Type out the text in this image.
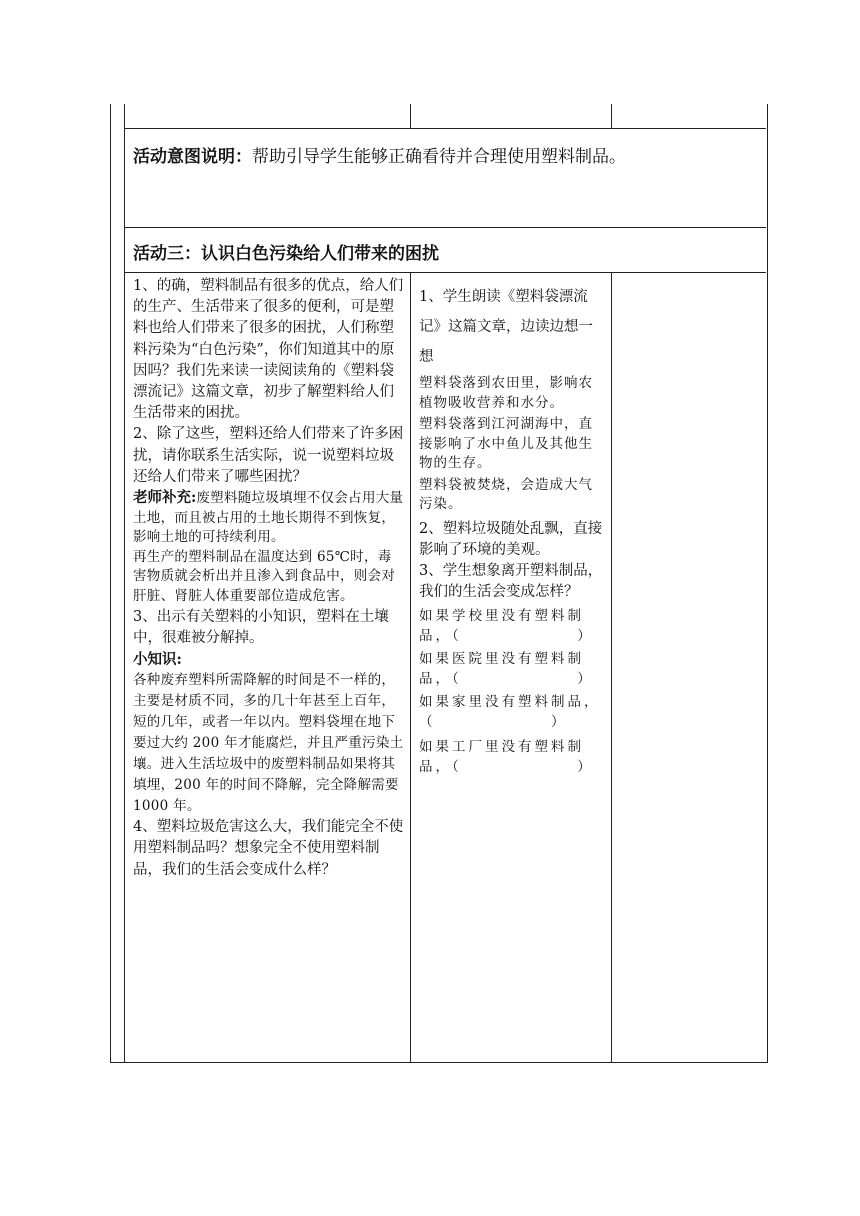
活动意图说明：帮助引导学生能够正确看待并合理使用塑料制品。
活动三：认识白色污染给人们带来的困扰

1、的确，塑料制品有很多的优点，给人们的生产、生活带来了很多的便利，可是塑料也给人们带来了很多的困扰，人们称塑料污染为“白色污染”，你们知道其中的原因吗？我们先来读一读阅读角的《塑料袋漂流记》这篇文章，初步了解塑料给人们生活带来的困扰。

2、除了这些，塑料还给人们带来了许多困扰，请你联系生活实际，说一说塑料垃圾还给人们带来了哪些困扰？

老师补充:废塑料随垃圾填埋不仅会占用大量土地，而且被占用的土地长期得不到恢复，影响土地的可持续利用。

再生产的塑料制品在温度达到 65℃时，毒害物质就会析出并且渗入到食品中，则会对肝脏、肾脏人体重要部位造成危害。

3、出示有关塑料的小知识，塑料在土壤中，很难被分解掉。

小知识:

各种废弃塑料所需降解的时间是不一样的，主要是材质不同，多的几十年甚至上百年，短的几年，或者一年以内。塑料袋埋在地下要过大约 200 年才能腐烂，并且严重污染土壤。进入生活垃圾中的废塑料制品如果将其填埋，200 年的时间不降解，完全降解需要 1000 年。

4、塑料垃圾危害这么大，我们能完全不使用塑料制品吗？想象完全不使用塑料制品，我们的生活会变成什么样？

1、学生朗读《塑料袋漂流记》这篇文章，边读边想一想

塑料袋落到农田里，影响农植物吸收营养和水分。

塑料袋落到江河湖海中，直接影响了水中鱼儿及其他生物的生存。

塑料袋被焚烧，会造成大气污染。

2、塑料垃圾随处乱飘，直接影响了环境的美观。

3、学生想象离开塑料制品，我们的生活会变成怎样？

如果学校里没有塑料制品，（　　　　　　　）

如果医院里没有塑料制品，（　　　　　　　）

如果家里没有塑料制品，（　　　　　　　）

如果工厂里没有塑料制品，（　　　　　　　）
